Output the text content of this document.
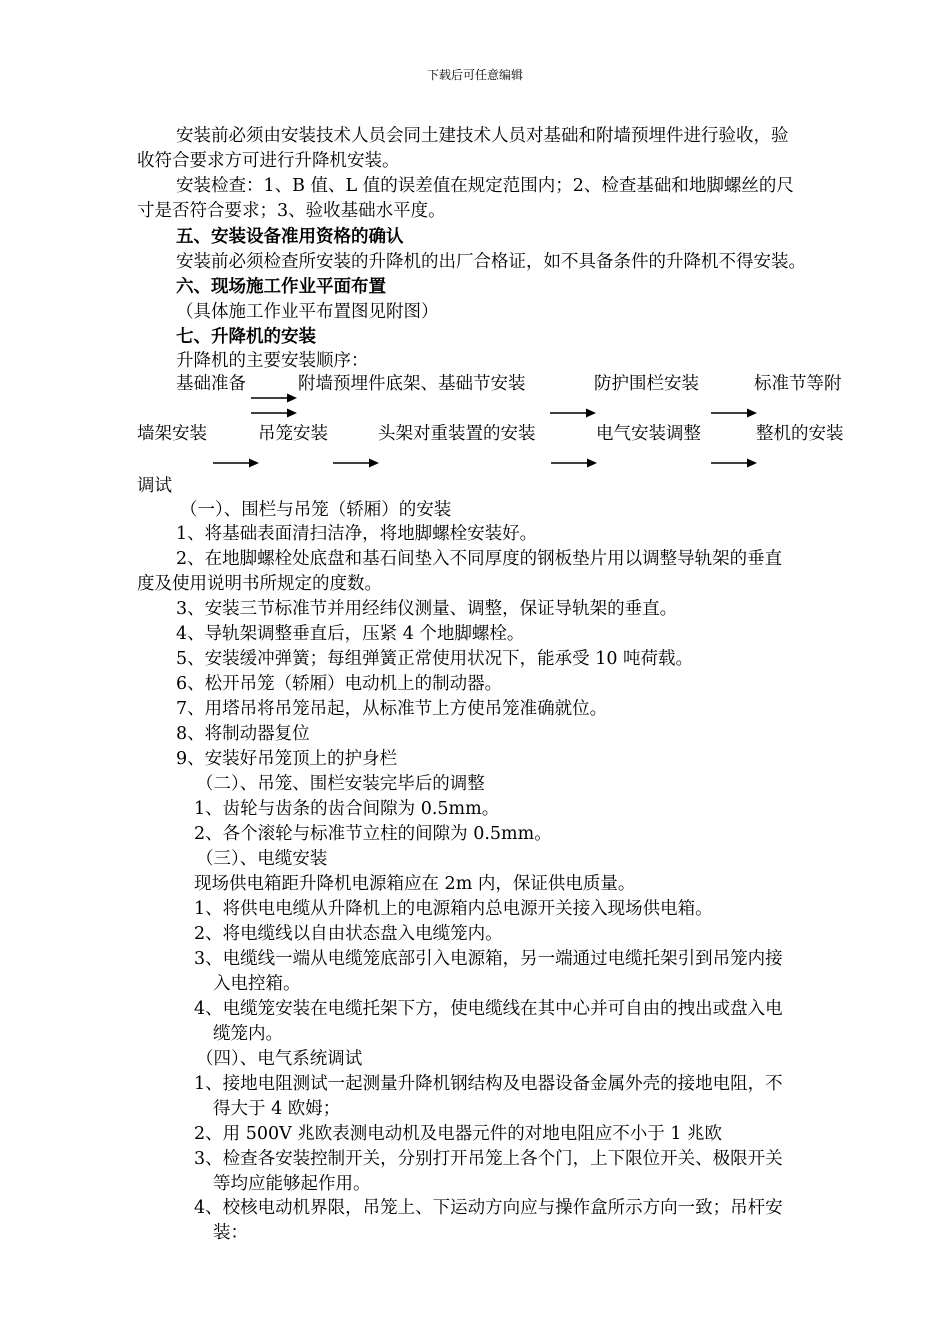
下载后可任意编辑
安装前必须由安装技术人员会同土建技术人员对基础和附墙预埋件进行验收，验
收符合要求方可进行升降机安装。
安装检查：1、B 值、L 值的误差值在规定范围内；2、检查基础和地脚螺丝的尺
寸是否符合要求；3、验收基础水平度。
五、安装设备准用资格的确认
安装前必须检查所安装的升降机的出厂合格证，如不具备条件的升降机不得安装。
六、现场施工作业平面布置
（具体施工作业平布置图见附图）
七、升降机的安装
升降机的主要安装顺序：
基础准备	附墙预埋件底架、基础节安装	防护围栏安装	标准节等附
墙架安装	吊笼安装	头架对重装置的安装	电气安装调整	整机的安装
调试
（一）、围栏与吊笼（轿厢）的安装
1、将基础表面清扫洁净，将地脚螺栓安装好。
2、在地脚螺栓处底盘和基石间垫入不同厚度的钢板垫片用以调整导轨架的垂直
度及使用说明书所规定的度数。
3、安装三节标准节并用经纬仪测量、调整，保证导轨架的垂直。
4、导轨架调整垂直后，压紧 4 个地脚螺栓。
5、安装缓冲弹簧；每组弹簧正常使用状况下，能承受 10 吨荷载。
6、松开吊笼（轿厢）电动机上的制动器。
7、用塔吊将吊笼吊起，从标准节上方使吊笼准确就位。
8、将制动器复位
9、安装好吊笼顶上的护身栏
（二）、吊笼、围栏安装完毕后的调整
1、齿轮与齿条的齿合间隙为 0.5mm。
2、各个滚轮与标准节立柱的间隙为 0.5mm。
（三）、电缆安装
现场供电箱距升降机电源箱应在 2m 内，保证供电质量。
1、将供电电缆从升降机上的电源箱内总电源开关接入现场供电箱。
2、将电缆线以自由状态盘入电缆笼内。
3、电缆线一端从电缆笼底部引入电源箱，另一端通过电缆托架引到吊笼内接
入电控箱。
4、电缆笼安装在电缆托架下方，使电缆线在其中心并可自由的拽出或盘入电
缆笼内。
（四）、电气系统调试
1、接地电阻测试一起测量升降机钢结构及电器设备金属外壳的接地电阻，不
得大于 4 欧姆；
2、用 500V 兆欧表测电动机及电器元件的对地电阻应不小于 1 兆欧
3、检查各安装控制开关，分别打开吊笼上各个门，上下限位开关、极限开关
等均应能够起作用。
4、校核电动机界限，吊笼上、下运动方向应与操作盒所示方向一致；吊杆安
装：
